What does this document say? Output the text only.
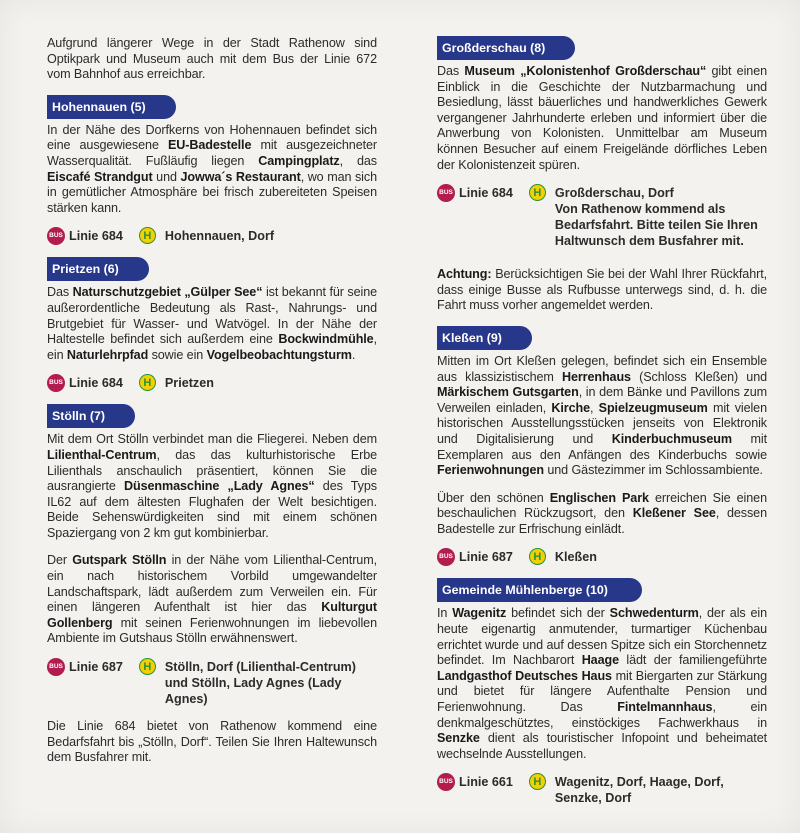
Aufgrund längerer Wege in der Stadt Rathenow sind Optikpark und Museum auch mit dem Bus der Linie 672 vom Bahnhof aus erreichbar.

Hohennauen (5)

In der Nähe des Dorfkerns von Hohennauen befindet sich eine ausgewiesene EU-Badestelle mit ausgezeichneter Wasserqualität. Fußläufig liegen Campingplatz, das Eiscafé Strandgut und Jowwa´s Restaurant, wo man sich in gemütlicher Atmosphäre bei frisch zubereiteten Speisen stärken kann.

BUS Linie 684	H	Hohennauen, Dorf
Prietzen (6)

Das Naturschutzgebiet „Gülper See“ ist bekannt für seine außerordentliche Bedeutung als Rast-, Nahrungs- und Brutgebiet für Wasser- und Watvögel. In der Nähe der Haltestelle befindet sich außerdem eine Bockwindmühle, ein Naturlehrpfad sowie ein Vogelbeobachtungsturm.

BUS Linie 684	H	Prietzen
Stölln (7)

Mit dem Ort Stölln verbindet man die Fliegerei. Neben dem Lilienthal-Centrum, das das kulturhistorische Erbe Lilienthals anschaulich präsentiert, können Sie die ausrangierte Düsenmaschine „Lady Agnes“ des Typs IL62 auf dem ältesten Flughafen der Welt besichtigen. Beide Sehenswürdigkeiten sind mit einem schönen Spaziergang von 2 km gut kombinierbar.

Der Gutspark Stölln in der Nähe vom Lilienthal-Centrum, ein nach historischem Vorbild umgewandelter Landschaftspark, lädt außerdem zum Verweilen ein. Für einen längeren Aufenthalt ist hier das Kulturgut Gollenberg mit seinen Ferienwohnungen im liebevollen Ambiente im Gutshaus Stölln erwähnenswert.

BUS Linie 687	H	Stölln, Dorf (Lilienthal-Centrum) und Stölln, Lady Agnes (Lady Agnes)

Die Linie 684 bietet von Rathenow kommend eine Bedarfsfahrt bis „Stölln, Dorf“. Teilen Sie Ihren Haltewunsch dem Busfahrer mit.

Großderschau (8)

Das Museum „Kolonistenhof Großderschau“ gibt einen Einblick in die Geschichte der Nutzbarmachung und Besiedlung, lässt bäuerliches und handwerkliches Gewerk vergangener Jahrhunderte erleben und informiert über die Anwerbung von Kolonisten. Unmittelbar am Museum können Besucher auf einem Freigelände dörfliches Leben der Kolonistenzeit spüren.

BUS Linie 684	H	Großderschau, Dorf
Von Rathenow kommend als Bedarfsfahrt. Bitte teilen Sie Ihren Haltwunsch dem Busfahrer mit.

Achtung: Berücksichtigen Sie bei der Wahl Ihrer Rückfahrt, dass einige Busse als Rufbusse unterwegs sind, d. h. die Fahrt muss vorher angemeldet werden.

Kleßen (9)

Mitten im Ort Kleßen gelegen, befindet sich ein Ensemble aus klassizistischem Herrenhaus (Schloss Kleßen) und Märkischem Gutsgarten, in dem Bänke und Pavillons zum Verweilen einladen, Kirche, Spielzeugmuseum mit vielen historischen Ausstellungsstücken jenseits von Elektronik und Digitalisierung und Kinderbuchmuseum mit Exemplaren aus den Anfängen des Kinderbuchs sowie Ferienwohnungen und Gästezimmer im Schlossambiente.

Über den schönen Englischen Park erreichen Sie einen beschaulichen Rückzugsort, den Kleßener See, dessen Badestelle zur Erfrischung einlädt.

BUS Linie 687	H	Kleßen
Gemeinde Mühlenberge (10)

In Wagenitz befindet sich der Schwedenturm, der als ein heute eigenartig anmutender, turmartiger Küchenbau errichtet wurde und auf dessen Spitze sich ein Storchennetz befindet. Im Nachbarort Haage lädt der familiengeführte Landgasthof Deutsches Haus mit Biergarten zur Stärkung und bietet für längere Aufenthalte Pension und Ferienwohnung. Das Fintelmannhaus, ein denkmalgeschütztes, einstöckiges Fachwerkhaus in Senzke dient als touristischer Infopoint und beheimatet wechselnde Ausstellungen.

BUS Linie 661	H	Wagenitz, Dorf, Haage, Dorf, Senzke, Dorf
